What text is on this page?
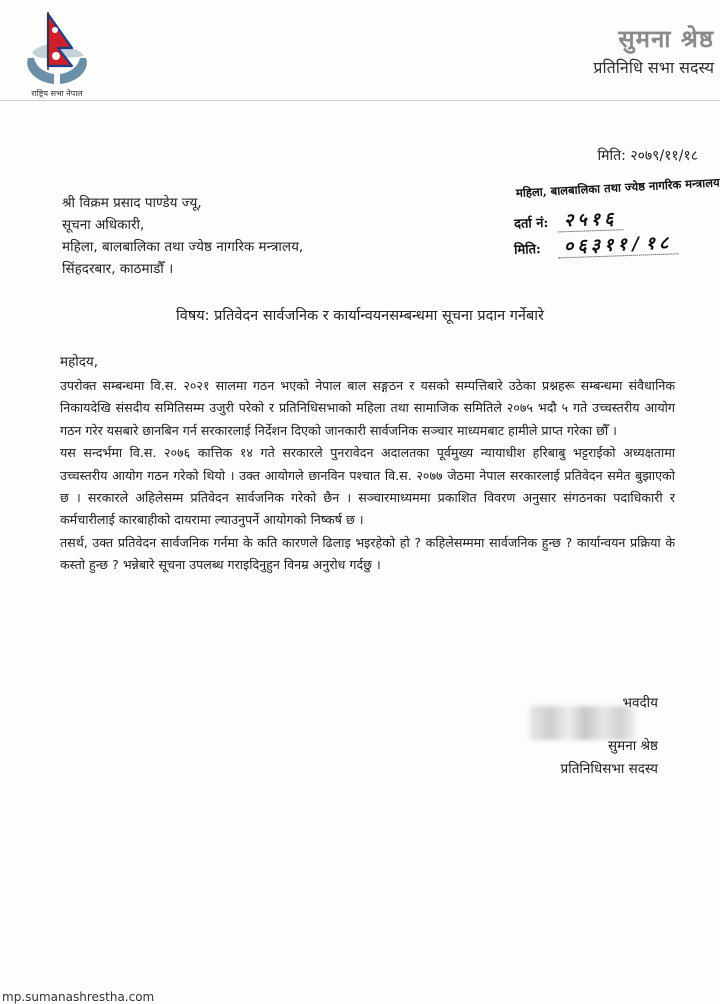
राष्ट्रिय सभा नेपाल
सुमना श्रेष्ठ
प्रतिनिधि सभा सदस्य
मिति: २०७९/११/१८
श्री विक्रम प्रसाद पाण्डेय ज्यू,
सूचना अधिकारी,
महिला, बालबालिका तथा ज्येष्ठ नागरिक मन्त्रालय,
सिंहदरबार, काठमाडौँ ।
महिला, बालबालिका तथा ज्येष्ठ नागरिक मन्त्रालय
दर्ता नं: २५१६
मिति: ०६३११/१८
विषय: प्रतिवेदन सार्वजनिक र कार्यान्वयनसम्बन्धमा सूचना प्रदान गर्नेबारे
महोदय,

उपरोक्त सम्बन्धमा वि.स. २०२१ सालमा गठन भएको नेपाल बाल सङ्गठन र यसको सम्पत्तिबारे उठेका प्रश्नहरू सम्बन्धमा संवैधानिक निकायदेखि संसदीय समितिसम्म उजुरी परेको र प्रतिनिधिसभाको महिला तथा सामाजिक समितिले २०७५ भदौ ५ गते उच्चस्तरीय आयोग गठन गरेर यसबारे छानबिन गर्न सरकारलाई निर्देशन दिएको जानकारी सार्वजनिक सञ्चार माध्यमबाट हामीले प्राप्त गरेका छौँ ।

यस सन्दर्भमा वि.स. २०७६ कात्तिक १४ गते सरकारले पुनरावेदन अदालतका पूर्वमुख्य न्यायाधीश हरिबाबु भट्टराईको अध्यक्षतामा उच्चस्तरीय आयोग गठन गरेको थियो । उक्त आयोगले छानविन पश्चात वि.स. २०७७ जेठमा नेपाल सरकारलाई प्रतिवेदन समेत बुझाएको छ । सरकारले अहिलेसम्म प्रतिवेदन सार्वजनिक गरेको छैन । सञ्चारमाध्यममा प्रकाशित विवरण अनुसार संगठनका पदाधिकारी र कर्मचारीलाई कारबाहीको दायरामा ल्याउनुपर्ने आयोगको निष्कर्ष छ ।

तसर्थ, उक्त प्रतिवेदन सार्वजनिक गर्नमा के कति कारणले ढिलाइ भइरहेको हो ? कहिलेसम्ममा सार्वजनिक हुन्छ ? कार्यान्वयन प्रक्रिया के कस्तो हुन्छ ? भन्नेबारे सूचना उपलब्ध गराइदिनुहुन विनम्र अनुरोध गर्दछु ।

भवदीय
सुमना श्रेष्ठ
प्रतिनिधिसभा सदस्य
mp.sumanashrestha.com
